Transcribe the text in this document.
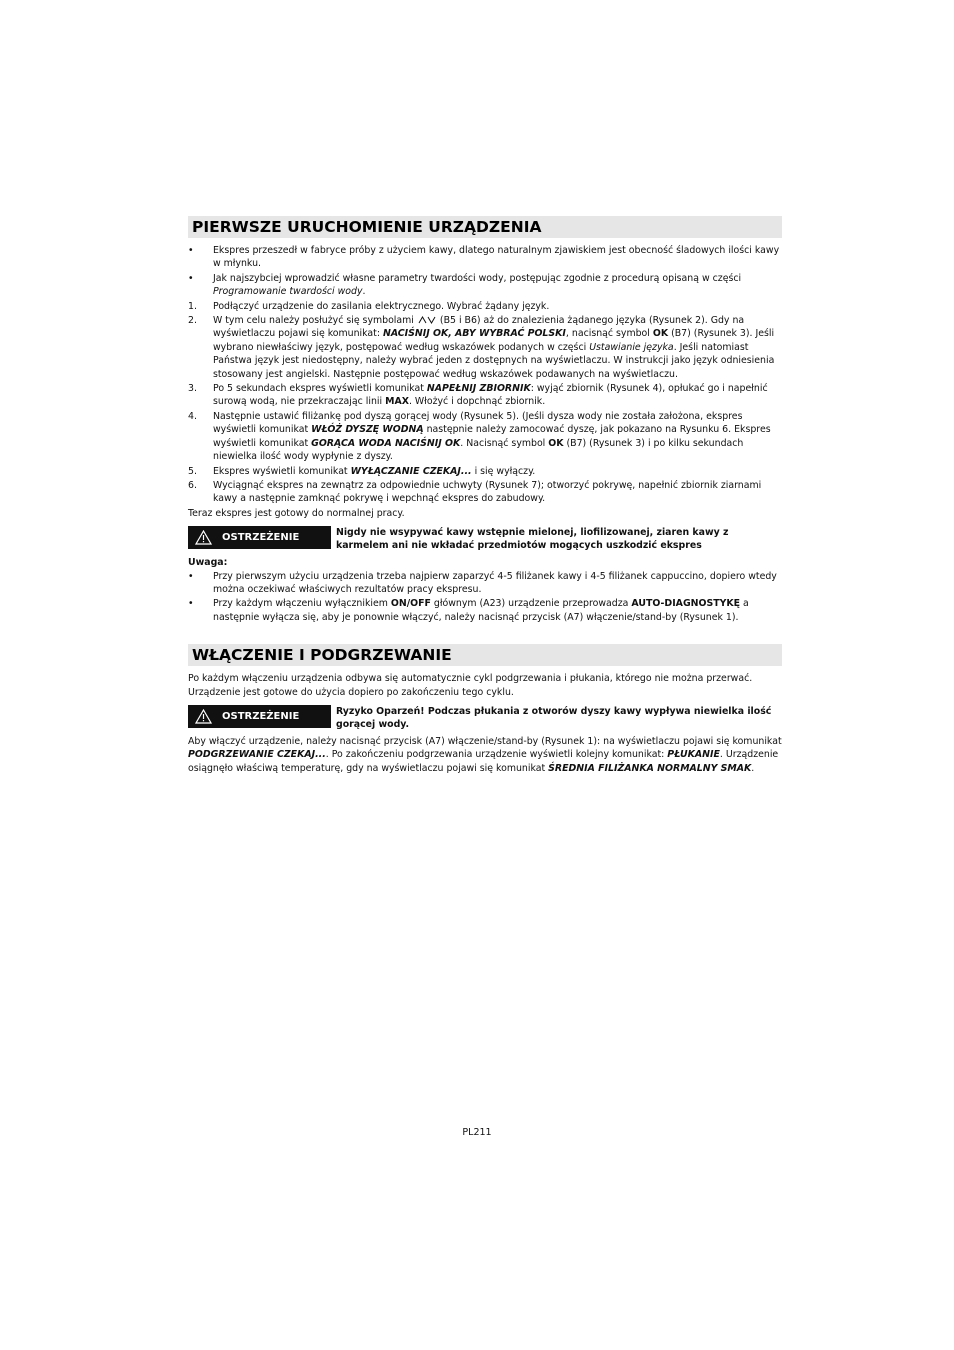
PIERWSZE URUCHOMIENIE URZĄDZENIA
• Ekspres przeszedł w fabryce próby z użyciem kawy, dlatego naturalnym zjawiskiem jest obecność śladowych ilości kawy w młynku.
• Jak najszybciej wprowadzić własne parametry twardości wody, postępując zgodnie z procedurą opisaną w części Programowanie twardości wody.
1. Podłączyć urządzenie do zasilania elektrycznego. Wybrać żądany język.
2. W tym celu należy posłużyć się symbolami	(B5 i B6) aż do znalezienia żądanego języka (Rysunek 2). Gdy na wyświetlaczu pojawi się komunikat: NACIŚNIJ OK, ABY WYBRAĆ POLSKI, nacisnąć symbol OK (B7) (Rysunek 3). Jeśli wybrano niewłaściwy język, postępować według wskazówek podanych w części Ustawianie języka. Jeśli natomiast Państwa język jest niedostępny, należy wybrać jeden z dostępnych na wyświetlaczu. W instrukcji jako język odniesienia stosowany jest angielski. Następnie postępować według wskazówek podawanych na wyświetlaczu.
3. Po 5 sekundach ekspres wyświetli komunikat NAPEŁNIJ ZBIORNIK: wyjąć zbiornik (Rysunek 4), opłukać go i napełnić surową wodą, nie przekraczając linii MAX. Włożyć i dopchnąć zbiornik.
4. Następnie ustawić filiżankę pod dyszą gorącej wody (Rysunek 5). (Jeśli dysza wody nie została założona, ekspres wyświetli komunikat WŁÓŻ DYSZĘ WODNĄ następnie należy zamocować dyszę, jak pokazano na Rysunku 6. Ekspres wyświetli komunikat GORĄCA WODA NACIŚNIJ OK. Nacisnąć symbol OK (B7) (Rysunek 3) i po kilku sekundach niewielka ilość wody wypłynie z dyszy.
5. Ekspres wyświetli komunikat WYŁĄCZANIE CZEKAJ... i się wyłączy.
6. Wyciągnąć ekspres na zewnątrz za odpowiednie uchwyty (Rysunek 7); otworzyć pokrywę, napełnić zbiornik ziarnami kawy a następnie zamknąć pokrywę i wepchnąć ekspres do zabudowy.

Teraz ekspres jest gotowy do normalnej pracy.

OSTRZEŻENIE	Nigdy nie wsypywać kawy wstępnie mielonej, liofilizowanej, ziaren kawy z karmelem ani nie wkładać przedmiotów mogących uszkodzić ekspres
Uwaga:
• Przy pierwszym użyciu urządzenia trzeba najpierw zaparzyć 4-5 filiżanek kawy i 4-5 filiżanek cappuccino, dopiero wtedy można oczekiwać właściwych rezultatów pracy ekspresu.
• Przy każdym włączeniu wyłącznikiem ON/OFF głównym (A23) urządzenie przeprowadza AUTO-DIAGNOSTYKĘ a następnie wyłącza się, aby je ponownie włączyć, należy nacisnąć przycisk (A7) włączenie/stand-by (Rysunek 1).
WŁĄCZENIE I PODGRZEWANIE
Po każdym włączeniu urządzenia odbywa się automatycznie cykl podgrzewania i płukania, którego nie można przerwać.
Urządzenie jest gotowe do użycia dopiero po zakończeniu tego cyklu.
OSTRZEŻENIE	Ryzyko Oparzeń! Podczas płukania z otworów dyszy kawy wypływa niewielka ilość gorącej wody.
Aby włączyć urządzenie, należy nacisnąć przycisk (A7) włączenie/stand-by (Rysunek 1): na wyświetlaczu pojawi się komunikat PODGRZEWANIE CZEKAJ.... Po zakończeniu podgrzewania urządzenie wyświetli kolejny komunikat: PŁUKANIE. Urządzenie osiągnęło właściwą temperaturę, gdy na wyświetlaczu pojawi się komunikat ŚREDNIA FILIŻANKA NORMALNY SMAK.
PL211
